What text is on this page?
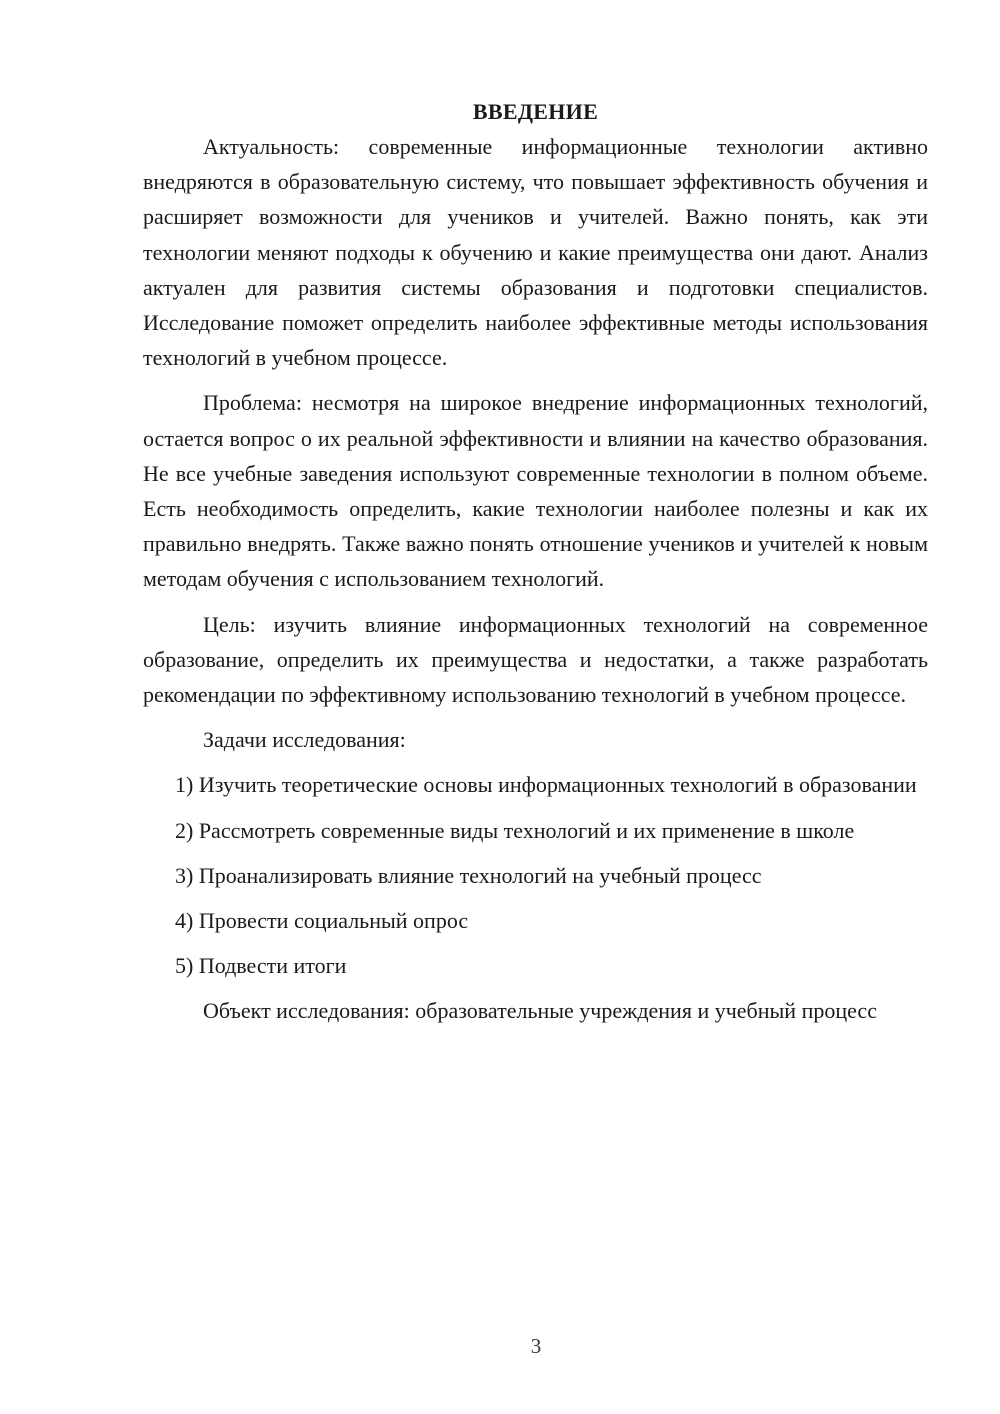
ВВЕДЕНИЕ

Актуальность: современные информационные технологии активно внедряются в образовательную систему, что повышает эффективность обучения и расширяет возможности для учеников и учителей. Важно понять, как эти технологии меняют подходы к обучению и какие преимущества они дают. Анализ актуален для развития системы образования и подготовки специалистов. Исследование поможет определить наиболее эффективные методы использования технологий в учебном процессе.

Проблема: несмотря на широкое внедрение информационных технологий, остается вопрос о их реальной эффективности и влиянии на качество образования. Не все учебные заведения используют современные технологии в полном объеме. Есть необходимость определить, какие технологии наиболее полезны и как их правильно внедрять. Также важно понять отношение учеников и учителей к новым методам обучения с использованием технологий.

Цель: изучить влияние информационных технологий на современное образование, определить их преимущества и недостатки, а также разработать рекомендации по эффективному использованию технологий в учебном процессе.

Задачи исследования:

1) Изучить теоретические основы информационных технологий в образовании

2) Рассмотреть современные виды технологий и их применение в школе

3) Проанализировать влияние технологий на учебный процесс

4) Провести социальный опрос

5) Подвести итоги

Объект исследования: образовательные учреждения и учебный процесс

3
